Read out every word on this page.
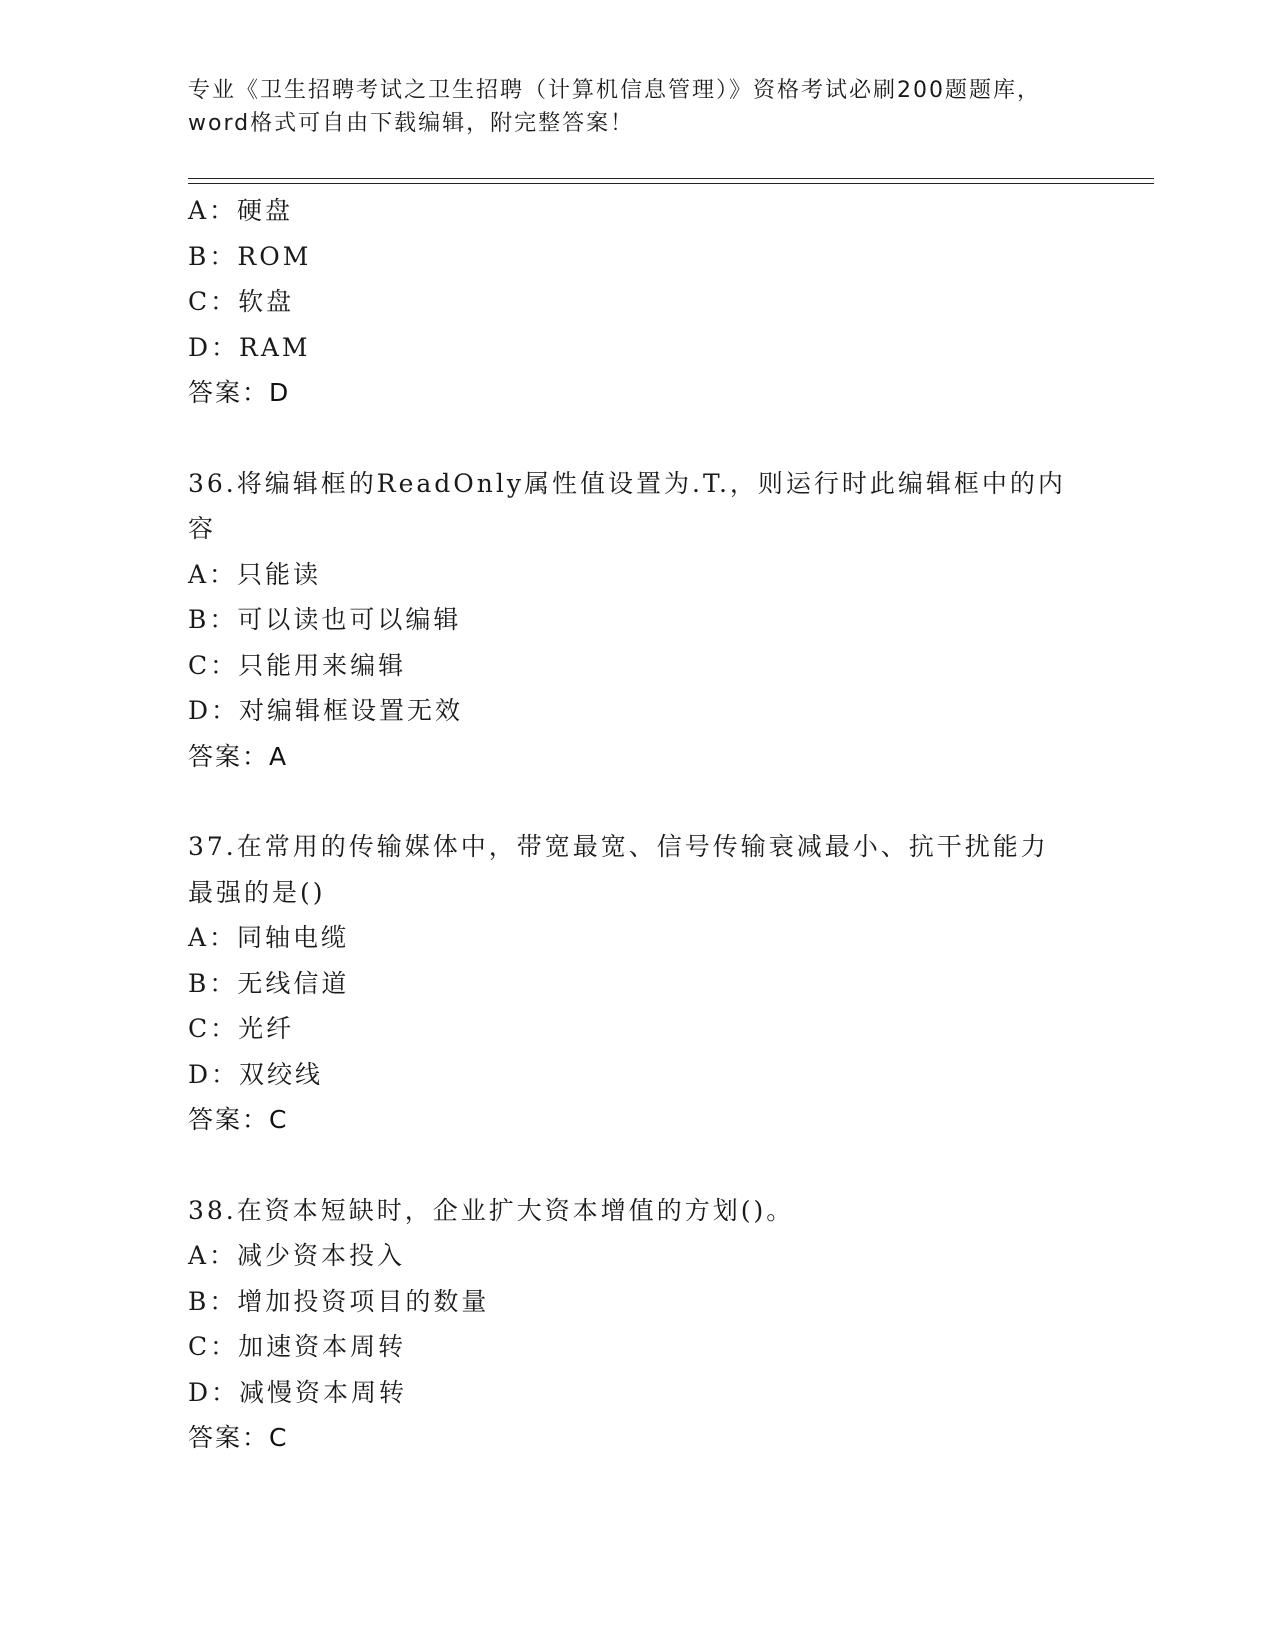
专业《卫生招聘考试之卫生招聘（计算机信息管理）》资格考试必刷200题题库，
word格式可自由下载编辑，附完整答案！
A：硬盘
B：ROM
C：软盘
D：RAM
答案：D
36.将编辑框的ReadOnly属性值设置为.T.，则运行时此编辑框中的内
容
A：只能读
B：可以读也可以编辑
C：只能用来编辑
D：对编辑框设置无效
答案：A
37.在常用的传输媒体中，带宽最宽、信号传输衰减最小、抗干扰能力
最强的是()
A：同轴电缆
B：无线信道
C：光纤
D：双绞线
答案：C
38.在资本短缺时，企业扩大资本增值的方划()。
A：减少资本投入
B：增加投资项目的数量
C：加速资本周转
D：减慢资本周转
答案：C
